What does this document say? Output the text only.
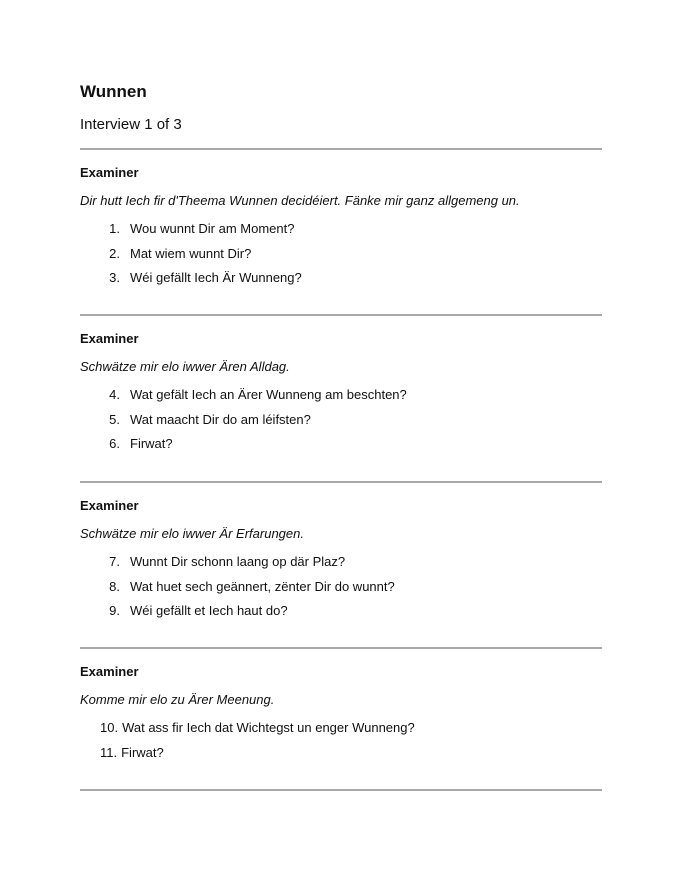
Wunnen

Interview 1 of 3

Examiner

Dir hutt Iech fir d'Theema Wunnen decidéiert. Fänke mir ganz allgemeng un.

1. Wou wunnt Dir am Moment?
2. Mat wiem wunnt Dir?
3. Wéi gefällt Iech Är Wunneng?

Examiner

Schwätze mir elo iwwer Ären Alldag.

4. Wat gefält Iech an Ärer Wunneng am beschten?
5. Wat maacht Dir do am léifsten?
6. Firwat?

Examiner

Schwätze mir elo iwwer Är Erfarungen.

7. Wunnt Dir schonn laang op där Plaz?
8. Wat huet sech geännert, zënter Dir do wunnt?
9. Wéi gefällt et Iech haut do?

Examiner

Komme mir elo zu Ärer Meenung.

10. Wat ass fir Iech dat Wichtegst un enger Wunneng?
11. Firwat?
